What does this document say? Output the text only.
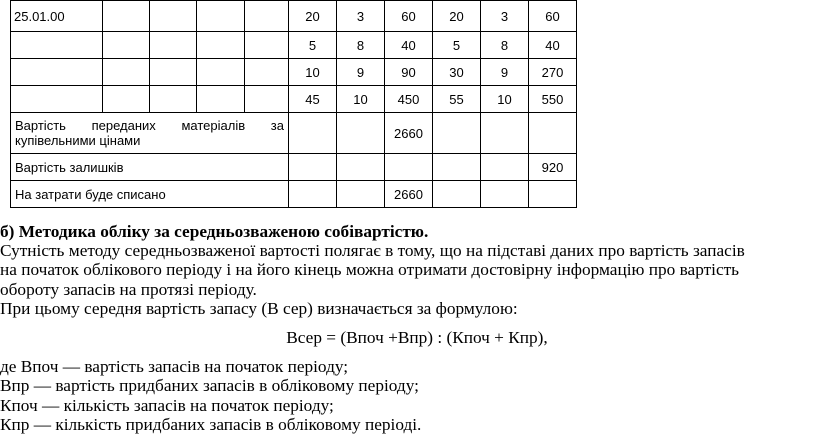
25.01.00					20	3	60	20	3	60
					5	8	40	5	8	40
					10	9	90	30	9	270
					45	10	450	55	10	550
Вартість переданих матеріалів за купівельними цінами							2660			
Вартість залишків										920
На затрати буде списано							2660			

б) Методика обліку за середньозваженою собівартістю.

Сутність методу середньозваженої вартості полягає в тому, що на підставі даних про вартість запасів

на початок облікового періоду і на його кінець можна отримати достовірну інформацію про вартість

обороту запасів на протязі періоду.

При цьому середня вартість запасу (В сер) визначається за формулою:

Всер = (Впоч +Впр) : (Кпоч + Кпр),

де Впоч — вартість запасів на початок періоду;

Впр — вартість придбаних запасів в обліковому періоду;

Кпоч — кількість запасів на початок періоду;

Кпр — кількість придбаних запасів в обліковому періоді.
